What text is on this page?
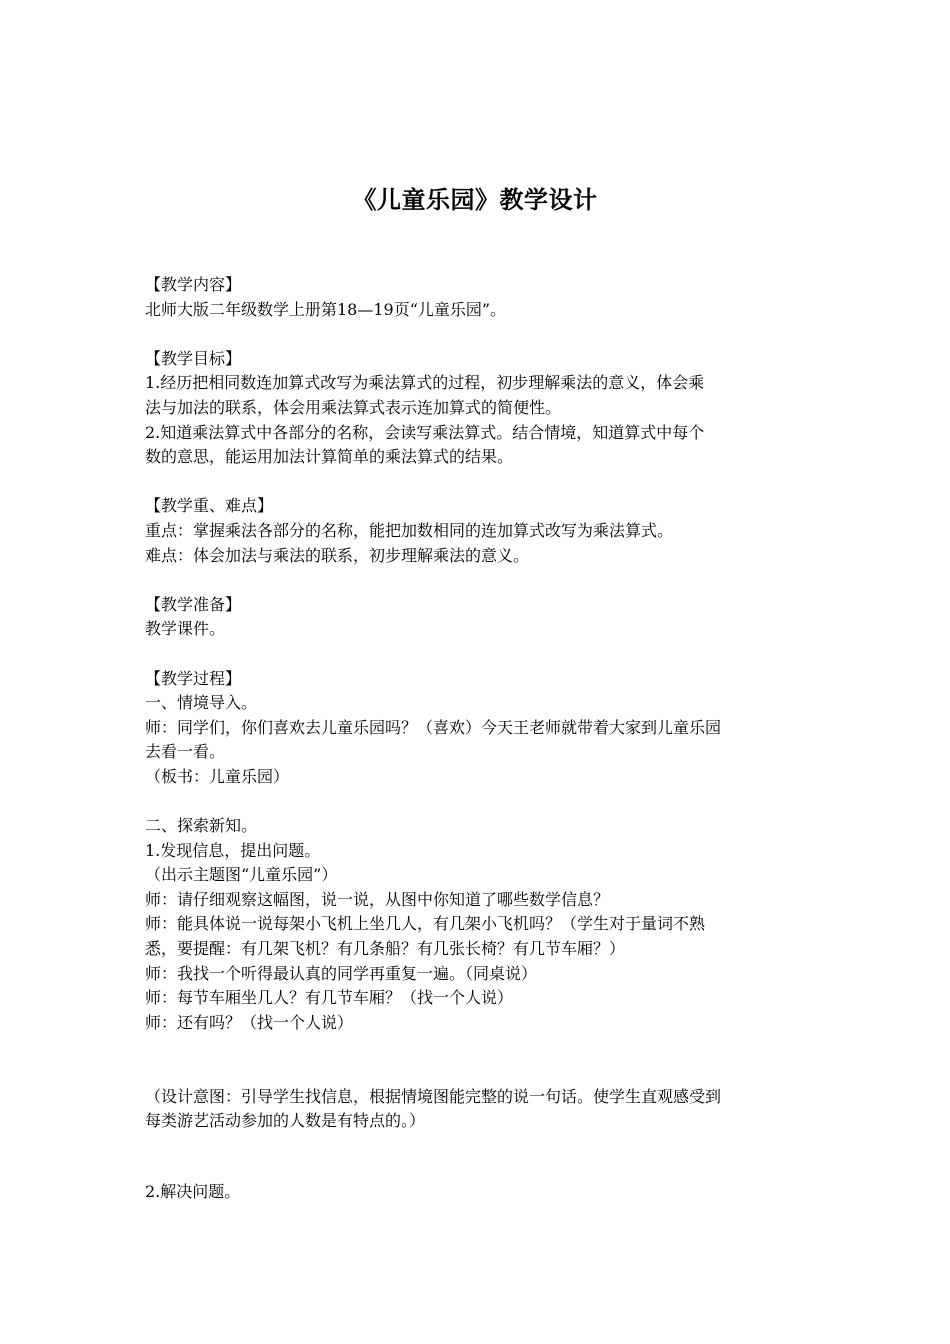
《儿童乐园》教学设计
【教学内容】
北师大版二年级数学上册第18—19页“儿童乐园”。
【教学目标】
1.经历把相同数连加算式改写为乘法算式的过程，初步理解乘法的意义，体会乘
法与加法的联系，体会用乘法算式表示连加算式的简便性。
2.知道乘法算式中各部分的名称，会读写乘法算式。结合情境，知道算式中每个
数的意思，能运用加法计算简单的乘法算式的结果。
【教学重、难点】
重点：掌握乘法各部分的名称，能把加数相同的连加算式改写为乘法算式。
难点：体会加法与乘法的联系，初步理解乘法的意义。
【教学准备】
教学课件。
【教学过程】
一、情境导入。
师：同学们，你们喜欢去儿童乐园吗？（喜欢）今天王老师就带着大家到儿童乐园
去看一看。
（板书：儿童乐园）
二、探索新知。
1.发现信息，提出问题。
（出示主题图“儿童乐园”）
师：请仔细观察这幅图，说一说，从图中你知道了哪些数学信息？
师：能具体说一说每架小飞机上坐几人，有几架小飞机吗？（学生对于量词不熟
悉，要提醒：有几架飞机？有几条船？有几张长椅？有几节车厢？）
师：我找一个听得最认真的同学再重复一遍。（同桌说）
师：每节车厢坐几人？有几节车厢？（找一个人说）
师：还有吗？（找一个人说）
（设计意图：引导学生找信息，根据情境图能完整的说一句话。使学生直观感受到
每类游艺活动参加的人数是有特点的。）
2.解决问题。
